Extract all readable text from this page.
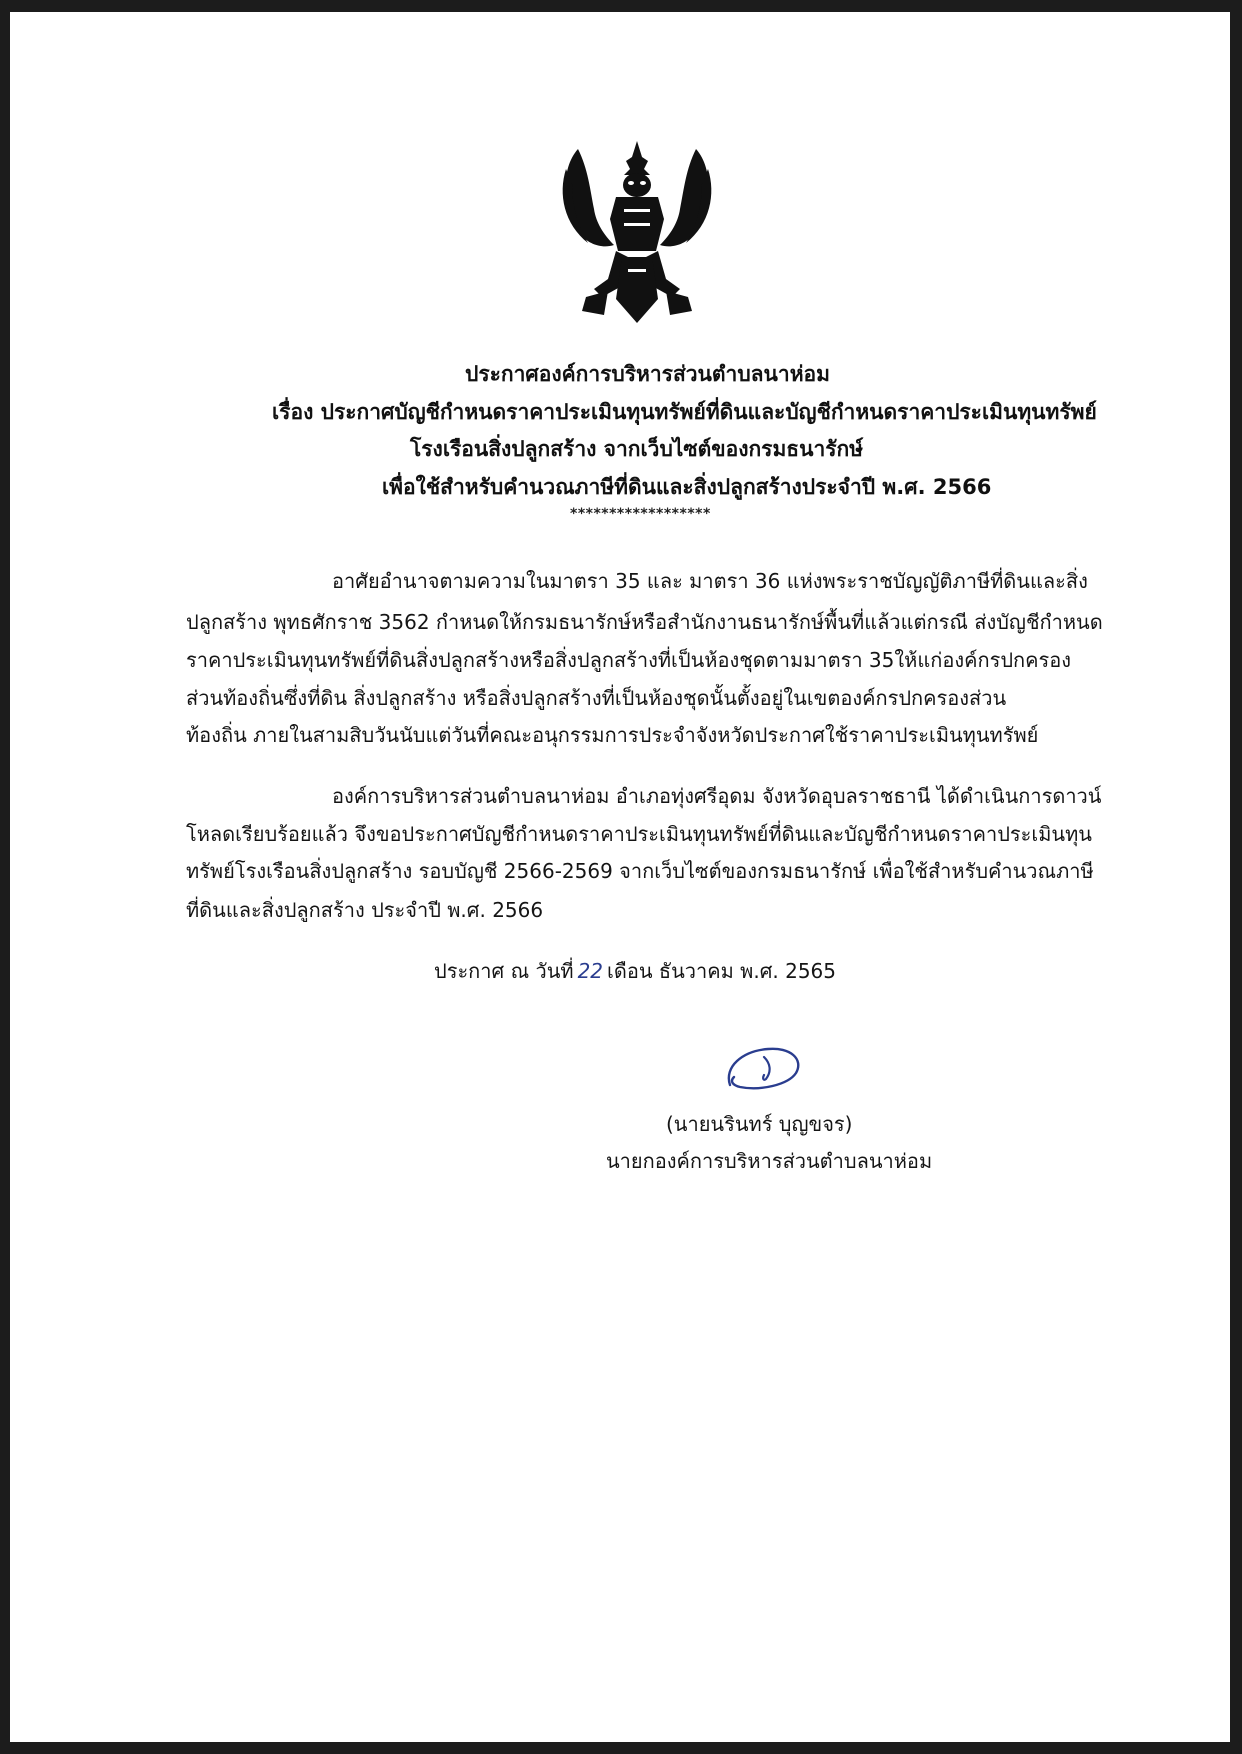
ประกาศองค์การบริหารส่วนตำบลนาห่อม
เรื่อง ประกาศบัญชีกำหนดราคาประเมินทุนทรัพย์ที่ดินและบัญชีกำหนดราคาประเมินทุนทรัพย์
โรงเรือนสิ่งปลูกสร้าง จากเว็บไซต์ของกรมธนารักษ์
เพื่อใช้สำหรับคำนวณภาษีที่ดินและสิ่งปลูกสร้างประจำปี พ.ศ. 2566
******************
อาศัยอำนาจตามความในมาตรา 35 และ มาตรา 36 แห่งพระราชบัญญัติภาษีที่ดินและสิ่ง
ปลูกสร้าง พุทธศักราช 3562 กำหนดให้กรมธนารักษ์หรือสำนักงานธนารักษ์พื้นที่แล้วแต่กรณี ส่งบัญชีกำหนด
ราคาประเมินทุนทรัพย์ที่ดินสิ่งปลูกสร้างหรือสิ่งปลูกสร้างที่เป็นห้องชุดตามมาตรา 35ให้แก่องค์กรปกครอง
ส่วนท้องถิ่นซึ่งที่ดิน สิ่งปลูกสร้าง หรือสิ่งปลูกสร้างที่เป็นห้องชุดนั้นตั้งอยู่ในเขตองค์กรปกครองส่วน
ท้องถิ่น ภายในสามสิบวันนับแต่วันที่คณะอนุกรรมการประจำจังหวัดประกาศใช้ราคาประเมินทุนทรัพย์
องค์การบริหารส่วนตำบลนาห่อม อำเภอทุ่งศรีอุดม จังหวัดอุบลราชธานี ได้ดำเนินการดาวน์
โหลดเรียบร้อยแล้ว จึงขอประกาศบัญชีกำหนดราคาประเมินทุนทรัพย์ที่ดินและบัญชีกำหนดราคาประเมินทุน
ทรัพย์โรงเรือนสิ่งปลูกสร้าง รอบบัญชี 2566-2569 จากเว็บไซต์ของกรมธนารักษ์ เพื่อใช้สำหรับคำนวณภาษี
ที่ดินและสิ่งปลูกสร้าง ประจำปี พ.ศ. 2566
ประกาศ ณ วันที่ 22 เดือน ธันวาคม พ.ศ. 2565
(นายนรินทร์ บุญขจร)
นายกองค์การบริหารส่วนตำบลนาห่อม
